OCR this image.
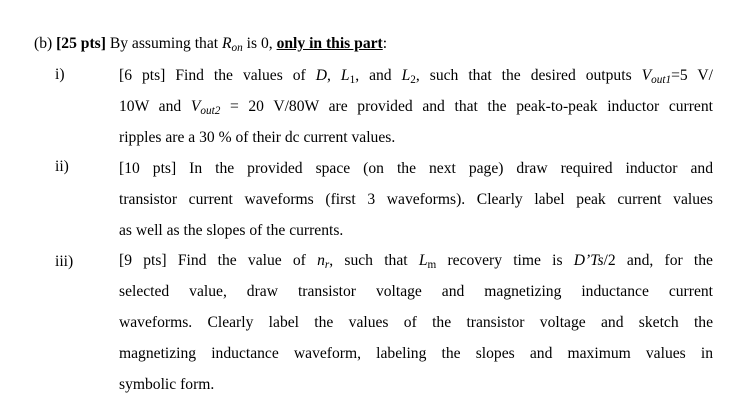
(b) [25 pts] By assuming that $R_{on}$ is 0, only in this part:
i)	[6 pts] Find the values of D, $L_1$, and $L_2$, such that the desired outputs $V_{out1}=5$ V/
10W and $V_{out2} = 20$ V/80W are provided and that the peak-to-peak inductor current
ripples are a 30 % of their dc current values.
ii)	[10 pts] In the provided space (on the next page) draw required inductor and
transistor current waveforms (first 3 waveforms). Clearly label peak current values
as well as the slopes of the currents.
iii)	[9 pts] Find the value of $n_r$, such that $L_m$ recovery time is D’Ts/2 and, for the
selected value, draw transistor voltage and magnetizing inductance current
waveforms. Clearly label the values of the transistor voltage and sketch the
magnetizing inductance waveform, labeling the slopes and maximum values in
symbolic form.
